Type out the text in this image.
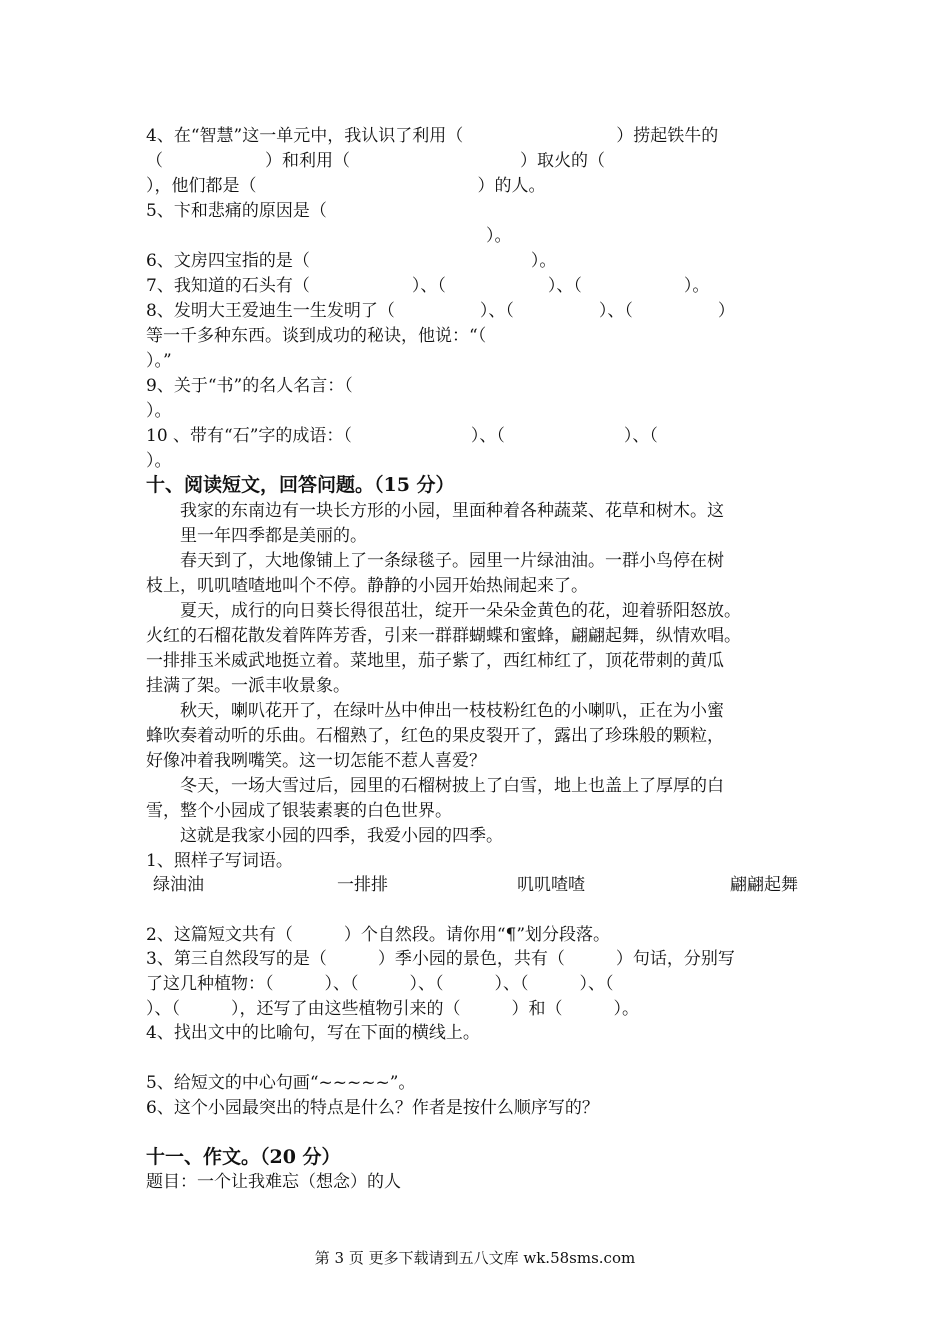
4、在“智慧”这一单元中，我认识了利用（　　　　　　　　　）捞起铁牛的
（　　　　　　）和利用（　　　　　　　　　　）取火的（　　　　　　　
），他们都是（　　　　　　　　　　　　　）的人。
5、卞和悲痛的原因是（
　　　　　　　　　　　　　　　　　　　　）。
6、文房四宝指的是（　　　　　　　　　　　　　）。
7、我知道的石头有（　　　　　　）、（　　　　　　）、（　　　　　　）。
8、发明大王爱迪生一生发明了（　　　　　）、（　　　　　）、（　　　　　）
等一千多种东西。谈到成功的秘诀，他说：“（
）。”
9、关于“书”的名人名言：（
）。
10 、带有“石”字的成语：（　　　　　　　）、（　　　　　　　）、（
）。
十、阅读短文，回答问题。（15 分）
　　我家的东南边有一块长方形的小园，里面种着各种蔬菜、花草和树木。这
　　里一年四季都是美丽的。
　　春天到了，大地像铺上了一条绿毯子。园里一片绿油油。一群小鸟停在树
枝上，叽叽喳喳地叫个不停。静静的小园开始热闹起来了。
　　夏天，成行的向日葵长得很茁壮，绽开一朵朵金黄色的花，迎着骄阳怒放。
火红的石榴花散发着阵阵芳香，引来一群群蝴蝶和蜜蜂，翩翩起舞，纵情欢唱。
一排排玉米威武地挺立着。菜地里，茄子紫了，西红柿红了，顶花带刺的黄瓜
挂满了架。一派丰收景象。
　　秋天，喇叭花开了，在绿叶丛中伸出一枝枝粉红色的小喇叭，正在为小蜜
蜂吹奏着动听的乐曲。石榴熟了，红色的果皮裂开了，露出了珍珠般的颗粒，
好像冲着我咧嘴笑。这一切怎能不惹人喜爱？
　　冬天，一场大雪过后，园里的石榴树披上了白雪，地上也盖上了厚厚的白
雪，整个小园成了银装素裹的白色世界。
　　这就是我家小园的四季，我爱小园的四季。
1、照样子写词语。
绿油油	一排排	叽叽喳喳	翩翩起舞
2、这篇短文共有（　　　）个自然段。请你用“¶”划分段落。
3、第三自然段写的是（　　　）季小园的景色，共有（　　　）句话，分别写
了这几种植物：（　　　）、（　　　）、（　　　）、（　　　）、（
）、（　　　），还写了由这些植物引来的（　　　）和（　　　）。
4、找出文中的比喻句，写在下面的横线上。
5、给短文的中心句画“~~~~~”。
6、这个小园最突出的特点是什么？作者是按什么顺序写的？
十一、作文。（20 分）
题目：一个让我难忘（想念）的人
第 3 页 更多下载请到五八文库 wk.58sms.com
